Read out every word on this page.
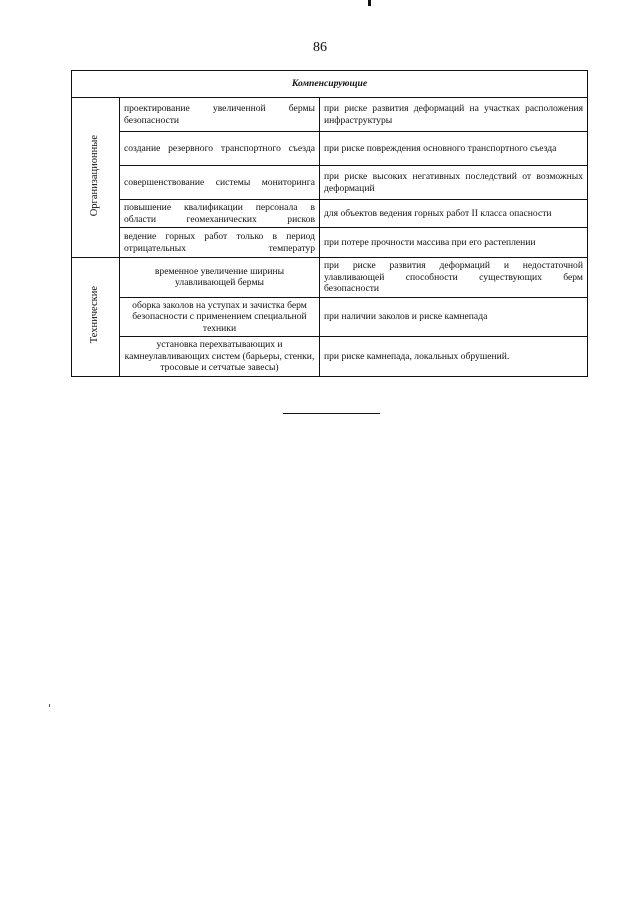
86
Компенсирующие		
Организационные	проектирование увеличенной бермы безопасности	при риске развития деформаций на участках расположения инфраструктуры
	создание резервного транспортного съезда	при риске повреждения основного транспортного съезда
	совершенствование системы мониторинга	при риске высоких негативных последствий от возможных деформаций
	повышение квалификации персонала в области геомеханических рисков	для объектов ведения горных работ II класса опасности
	ведение горных работ только в период отрицательных температур	при потере прочности массива при его растеплении
Технические	временное увеличение ширины улавливающей бермы	при риске развития деформаций и недостаточной улавливающей способности существующих берм безопасности
	оборка заколов на уступах и зачистка берм безопасности с применением специальной техники	при наличии заколов и риске камнепада
	установка перехватывающих и камнеулавливающих систем (барьеры, стенки, тросовые и сетчатые завесы)	при риске камнепада, локальных обрушений.
